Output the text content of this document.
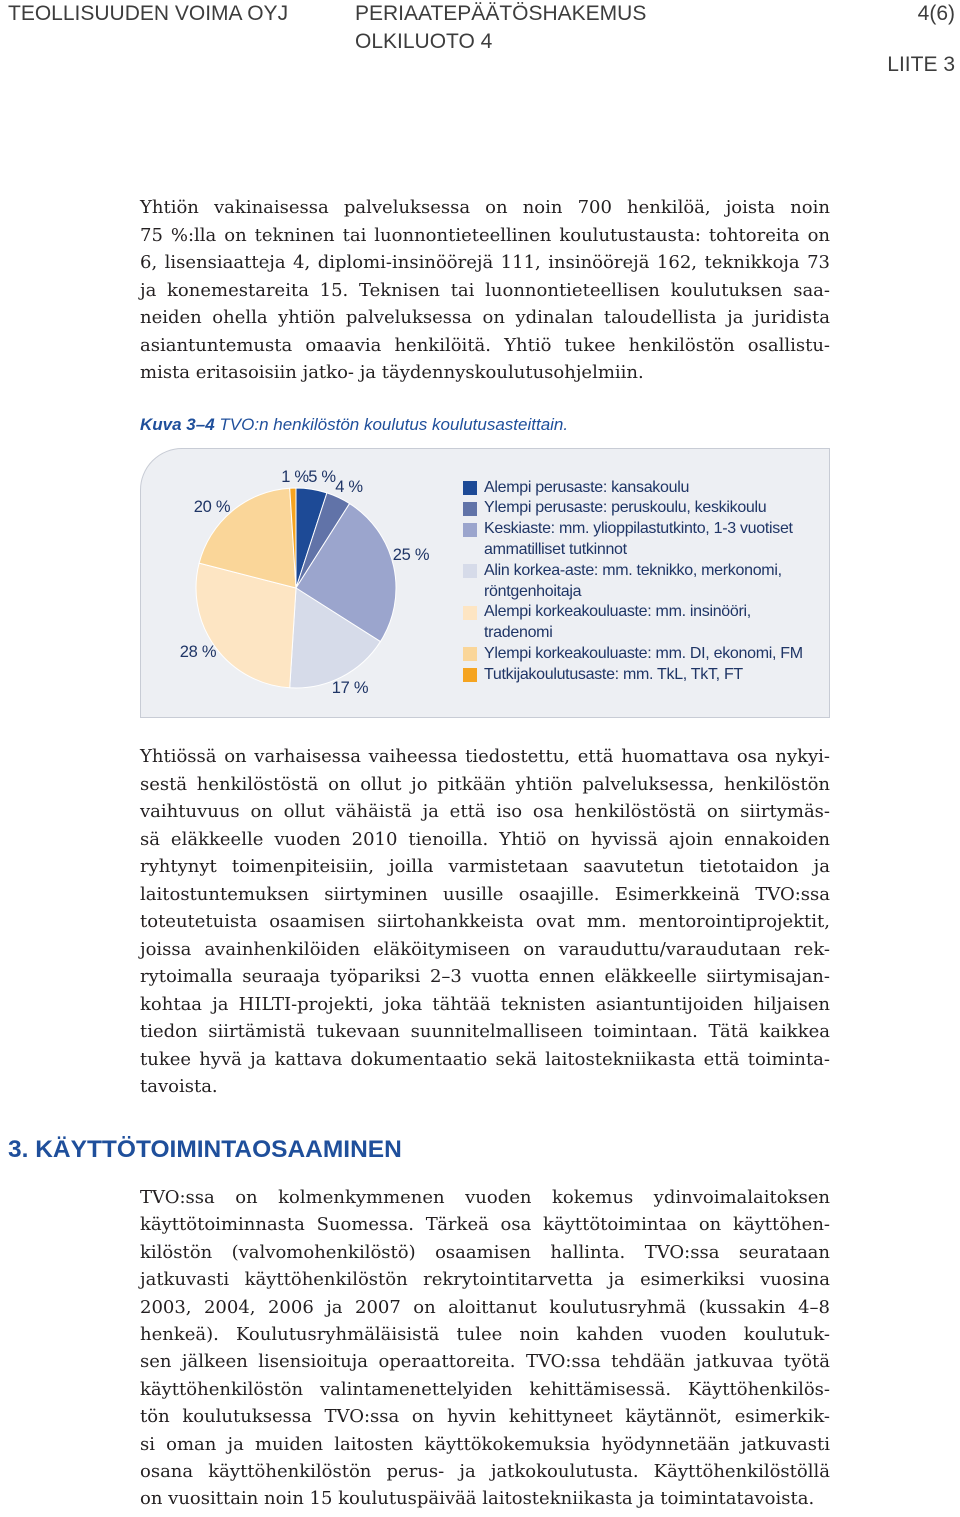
TEOLLISUUDEN VOIMA OYJ	PERIAATEPÄÄTÖSHAKEMUS
OLKILUOTO 4
4(6)
LIITE 3
Yhtiön vakinaisessa palveluksessa on noin 700 henkilöä, joista noin
75 %:lla on tekninen tai luonnontieteellinen koulutustausta: tohtoreita on
6, lisensiaatteja 4, diplomi-insinöörejä 111, insinöörejä 162, teknikkoja 73
ja konemestareita 15. Teknisen tai luonnontieteellisen koulutuksen saa-
neiden ohella yhtiön palveluksessa on ydinalan taloudellista ja juridista
asiantuntemusta omaavia henkilöitä. Yhtiö tukee henkilöstön osallistu-
mista eritasoisiin jatko- ja täydennyskoulutusohjelmiin.
Kuva 3–4 TVO:n henkilöstön koulutus koulutusasteittain.
5 %
4 %
25 %
17 %
28 %
20 %
1 %
Alempi perusaste: kansakoulu
Ylempi perusaste: peruskoulu, keskikoulu
Keskiaste: mm. ylioppilastutkinto, 1-3 vuotiset
ammatilliset tutkinnot
Alin korkea-aste: mm. teknikko, merkonomi,
röntgenhoitaja
Alempi korkeakouluaste: mm. insinööri,
tradenomi
Ylempi korkeakouluaste: mm. DI, ekonomi, FM
Tutkijakoulutusaste: mm. TkL, TkT, FT
Yhtiössä on varhaisessa vaiheessa tiedostettu, että huomattava osa nykyi-
sestä henkilöstöstä on ollut jo pitkään yhtiön palveluksessa, henkilöstön
vaihtuvuus on ollut vähäistä ja että iso osa henkilöstöstä on siirtymäs-
sä eläkkeelle vuoden 2010 tienoilla. Yhtiö on hyvissä ajoin ennakoiden
ryhtynyt toimenpiteisiin, joilla varmistetaan saavutetun tietotaidon ja
laitostuntemuksen siirtyminen uusille osaajille. Esimerkkeinä TVO:ssa
toteutetuista osaamisen siirtohankkeista ovat mm. mentorointiprojektit,
joissa avainhenkilöiden eläköitymiseen on varauduttu/varaudutaan rek-
rytoimalla seuraaja työpariksi 2–3 vuotta ennen eläkkeelle siirtymisajan-
kohtaa ja HILTI-projekti, joka tähtää teknisten asiantuntijoiden hiljaisen
tiedon siirtämistä tukevaan suunnitelmalliseen toimintaan. Tätä kaikkea
tukee hyvä ja kattava dokumentaatio sekä laitostekniikasta että toiminta-
tavoista.
3. KÄYTTÖTOIMINTAOSAAMINEN
TVO:ssa on kolmenkymmenen vuoden kokemus ydinvoimalaitoksen
käyttötoiminnasta Suomessa. Tärkeä osa käyttötoimintaa on käyttöhen-
kilöstön (valvomohenkilöstö) osaamisen hallinta. TVO:ssa seurataan
jatkuvasti käyttöhenkilöstön rekrytointitarvetta ja esimerkiksi vuosina
2003, 2004, 2006 ja 2007 on aloittanut koulutusryhmä (kussakin 4–8
henkeä). Koulutusryhmäläisistä tulee noin kahden vuoden koulutuk-
sen jälkeen lisensioituja operaattoreita. TVO:ssa tehdään jatkuvaa työtä
käyttöhenkilöstön valintamenettelyiden kehittämisessä. Käyttöhenkilös-
tön koulutuksessa TVO:ssa on hyvin kehittyneet käytännöt, esimerkik-
si oman ja muiden laitosten käyttökokemuksia hyödynnetään jatkuvasti
osana käyttöhenkilöstön perus- ja jatkokoulutusta. Käyttöhenkilöstöllä
on vuosittain noin 15 koulutuspäivää laitostekniikasta ja toimintatavoista.
